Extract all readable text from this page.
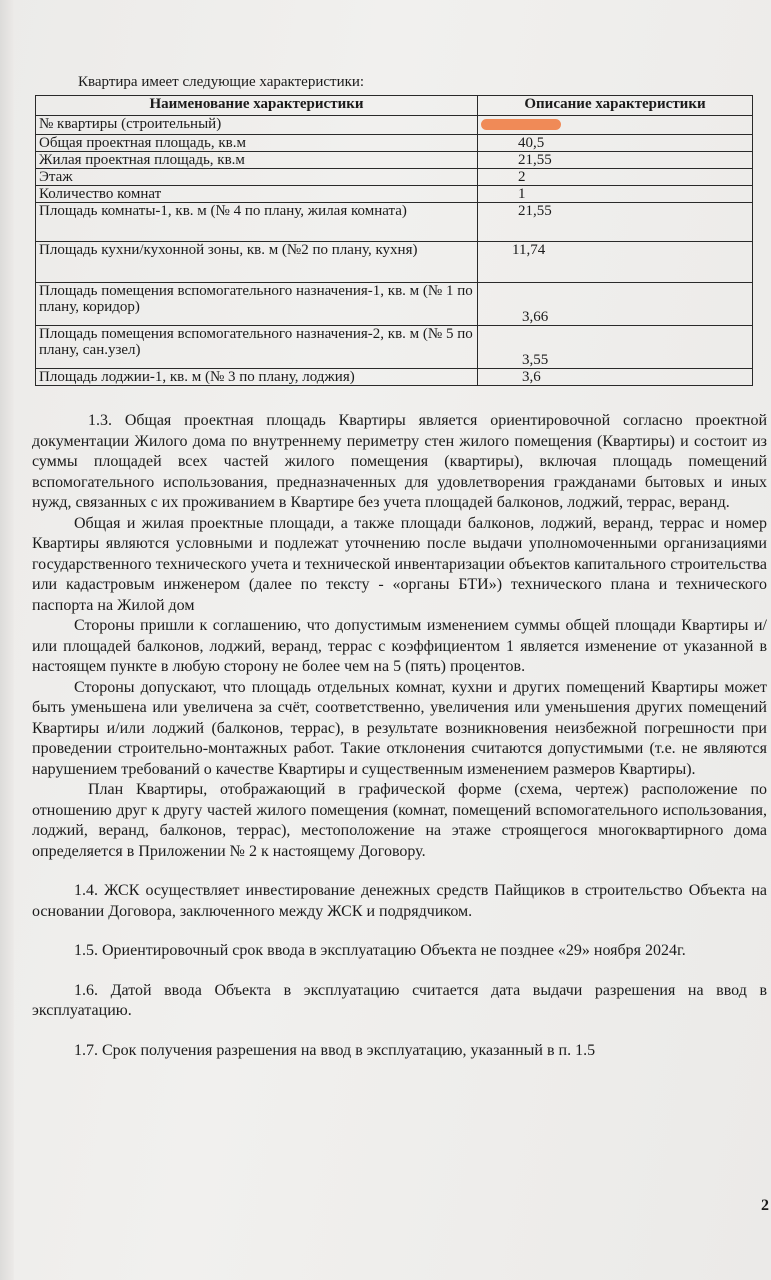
Квартира имеет следующие характеристики:
Наименование характеристики	Описание характеристики
№ квартиры (строительный)	
Общая проектная площадь, кв.м	40,5
Жилая проектная площадь, кв.м	21,55
Этаж	2
Количество комнат	1
Площадь комнаты-1, кв. м (№ 4 по плану, жилая комната)	21,55
Площадь кухни/кухонной зоны, кв. м (№2 по плану, кухня)	11,74
Площадь помещения вспомогательного назначения-1, кв. м (№ 1 по плану, коридор)	3,66
Площадь помещения вспомогательного назначения-2, кв. м (№ 5 по плану, сан.узел)	3,55
Площадь лоджии-1, кв. м (№ 3 по плану, лоджия)	3,6

1.3. Общая проектная площадь Квартиры является ориентировочной согласно проектной документации Жилого дома по внутреннему периметру стен жилого помещения (Квартиры) и состоит из суммы площадей всех частей жилого помещения (квартиры), включая площадь помещений вспомогательного использования, предназначенных для удовлетворения гражданами бытовых и иных нужд, связанных с их проживанием в Квартире без учета площадей балконов, лоджий, террас, веранд.

Общая и жилая проектные площади, а также площади балконов, лоджий, веранд, террас и номер Квартиры являются условными и подлежат уточнению после выдачи уполномоченными организациями государственного технического учета и технической инвентаризации объектов капитального строительства или кадастровым инженером (далее по тексту - «органы БТИ») технического плана и технического паспорта на Жилой дом

Стороны пришли к соглашению, что допустимым изменением суммы общей площади Квартиры и/или площадей балконов, лоджий, веранд, террас с коэффициентом 1 является изменение от указанной в настоящем пункте в любую сторону не более чем на 5 (пять) процентов.

Стороны допускают, что площадь отдельных комнат, кухни и других помещений Квартиры может быть уменьшена или увеличена за счёт, соответственно, увеличения или уменьшения других помещений Квартиры и/или лоджий (балконов, террас), в результате возникновения неизбежной погрешности при проведении строительно-монтажных работ. Такие отклонения считаются допустимыми (т.е. не являются нарушением требований о качестве Квартиры и существенным изменением размеров Квартиры).

План Квартиры, отображающий в графической форме (схема, чертеж) расположение по отношению друг к другу частей жилого помещения (комнат, помещений вспомогательного использования, лоджий, веранд, балконов, террас), местоположение на этаже строящегося многоквартирного дома определяется в Приложении № 2 к настоящему Договору.

1.4. ЖСК осуществляет инвестирование денежных средств Пайщиков в строительство Объекта на основании Договора, заключенного между ЖСК и подрядчиком.

1.5. Ориентировочный срок ввода в эксплуатацию Объекта не позднее «29» ноября 2024г.

1.6. Датой ввода Объекта в эксплуатацию считается дата выдачи разрешения на ввод в эксплуатацию.

1.7. Срок получения разрешения на ввод в эксплуатацию, указанный в п. 1.5

2
